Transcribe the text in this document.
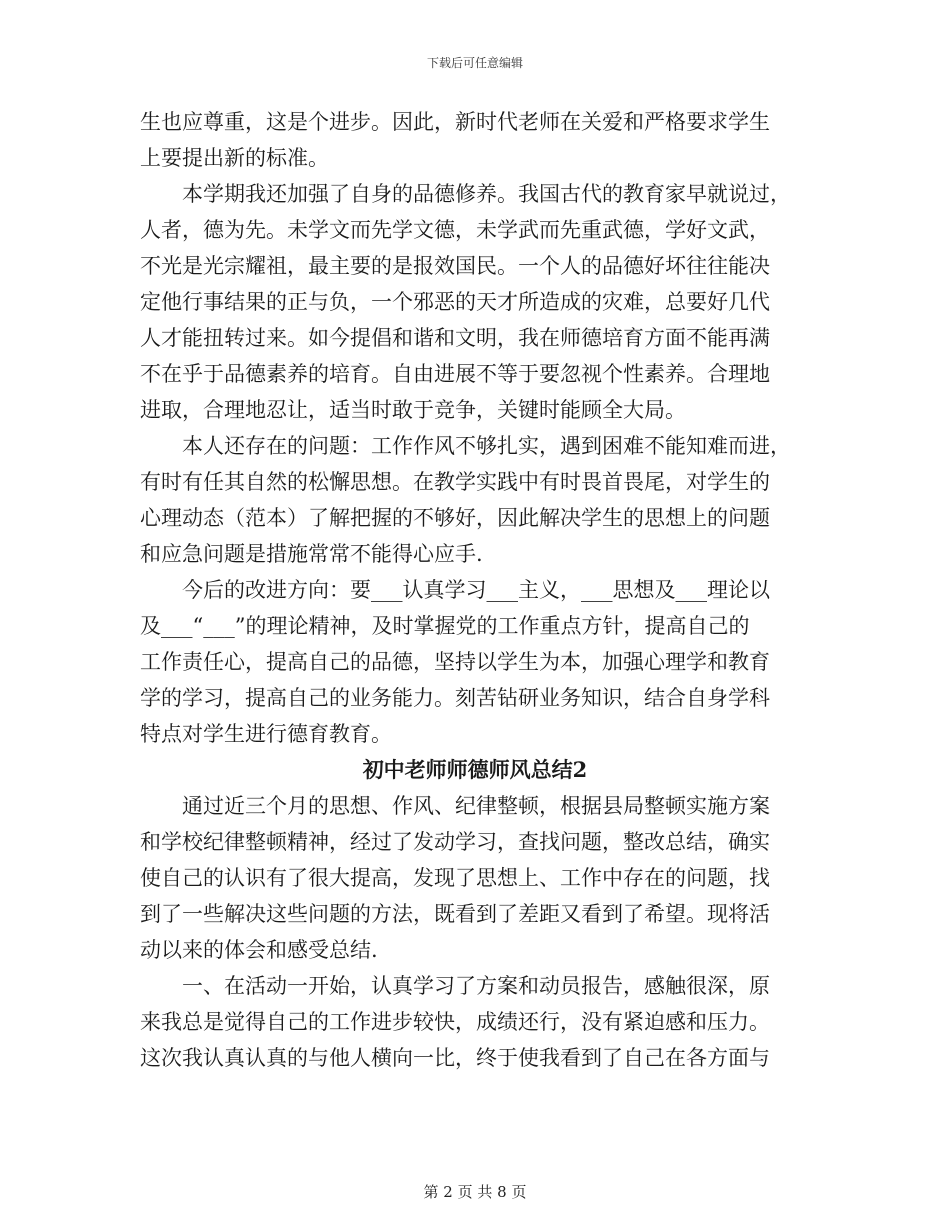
下载后可任意编辑
生也应尊重，这是个进步。因此，新时代老师在关爱和严格要求学生
上要提出新的标准。
本学期我还加强了自身的品德修养。我国古代的教育家早就说过，
人者，德为先。未学文而先学文德，未学武而先重武德，学好文武，
不光是光宗耀祖，最主要的是报效国民。一个人的品德好坏往往能决
定他行事结果的正与负，一个邪恶的天才所造成的灾难，总要好几代
人才能扭转过来。如今提倡和谐和文明，我在师德培育方面不能再满
不在乎于品德素养的培育。自由进展不等于要忽视个性素养。合理地
进取，合理地忍让，适当时敢于竞争，关键时能顾全大局。
本人还存在的问题：工作作风不够扎实，遇到困难不能知难而进，
有时有任其自然的松懈思想。在教学实践中有时畏首畏尾，对学生的
心理动态（范本）了解把握的不够好，因此解决学生的思想上的问题
和应急问题是措施常常不能得心应手.
今后的改进方向：要___认真学习___主义，___思想及___理论以
及___“___”的理论精神，及时掌握党的工作重点方针，提高自己的
工作责任心，提高自己的品德，坚持以学生为本，加强心理学和教育
学的学习，提高自己的业务能力。刻苦钻研业务知识，结合自身学科
特点对学生进行德育教育。
初中老师师德师风总结2
通过近三个月的思想、作风、纪律整顿，根据县局整顿实施方案
和学校纪律整顿精神，经过了发动学习，查找问题，整改总结，确实
使自己的认识有了很大提高，发现了思想上、工作中存在的问题，找
到了一些解决这些问题的方法，既看到了差距又看到了希望。现将活
动以来的体会和感受总结.
一、在活动一开始，认真学习了方案和动员报告，感触很深，原
来我总是觉得自己的工作进步较快，成绩还行，没有紧迫感和压力。
这次我认真认真的与他人横向一比，终于使我看到了自己在各方面与
第 2 页 共 8 页
